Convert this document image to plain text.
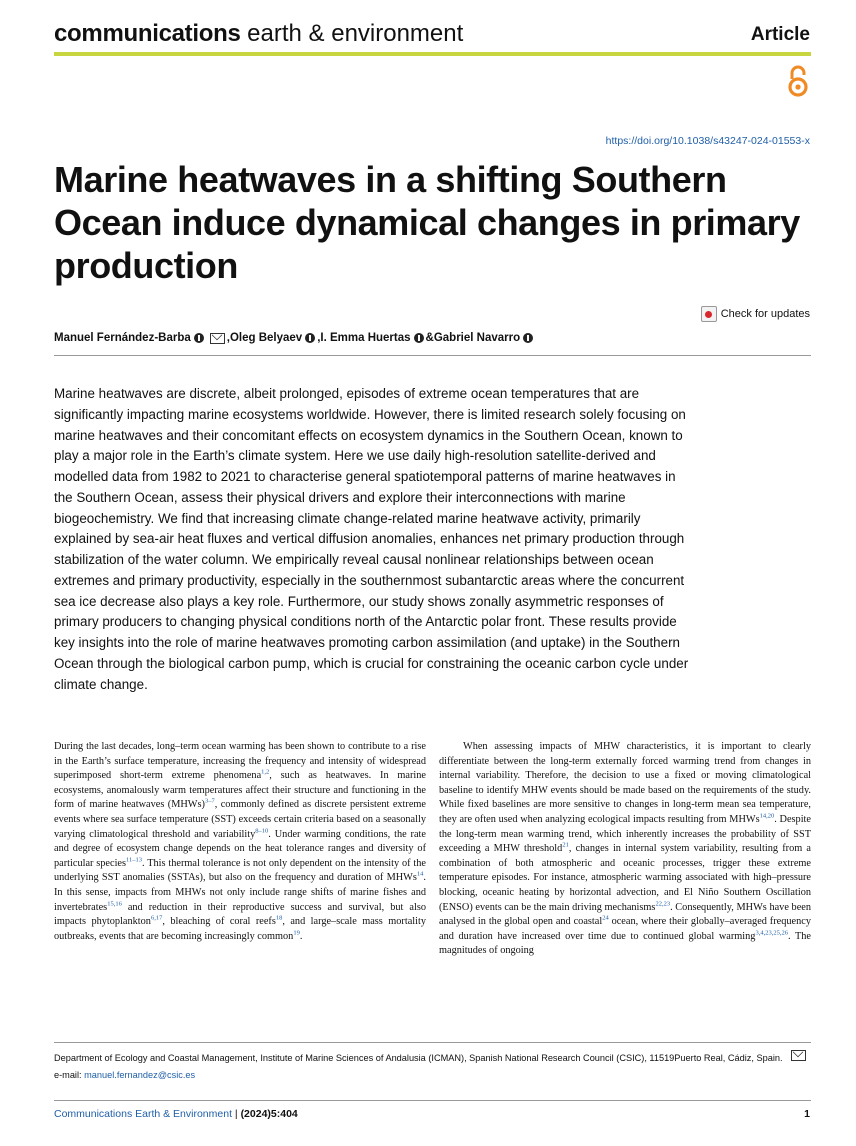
communications earth & environment	Article
https://doi.org/10.1038/s43247-024-01553-x
Marine heatwaves in a shifting Southern Ocean induce dynamical changes in primary production
Check for updates
Manuel Fernández-Barba	, Oleg Belyaev , I. Emma Huertas & Gabriel Navarro
Marine heatwaves are discrete, albeit prolonged, episodes of extreme ocean temperatures that are significantly impacting marine ecosystems worldwide. However, there is limited research solely focusing on marine heatwaves and their concomitant effects on ecosystem dynamics in the Southern Ocean, known to play a major role in the Earth’s climate system. Here we use daily high-resolution satellite-derived and modelled data from 1982 to 2021 to characterise general spatiotemporal patterns of marine heatwaves in the Southern Ocean, assess their physical drivers and explore their interconnections with marine biogeochemistry. We find that increasing climate change-related marine heatwave activity, primarily explained by sea-air heat fluxes and vertical diffusion anomalies, enhances net primary production through stabilization of the water column. We empirically reveal causal nonlinear relationships between ocean extremes and primary productivity, especially in the southernmost subantarctic areas where the concurrent sea ice decrease also plays a key role. Furthermore, our study shows zonally asymmetric responses of primary producers to changing physical conditions north of the Antarctic polar front. These results provide key insights into the role of marine heatwaves promoting carbon assimilation (and uptake) in the Southern Ocean through the biological carbon pump, which is crucial for constraining the oceanic carbon cycle under climate change.
During the last decades, long–term ocean warming has been shown to contribute to a rise in the Earth’s surface temperature, increasing the frequency and intensity of widespread superimposed short-term extreme phenomena$^{1,2}$, such as heatwaves. In marine ecosystems, anomalously warm temperatures affect their structure and functioning in the form of marine heatwaves (MHWs)$^{3-7}$, commonly defined as discrete persistent extreme events where sea surface temperature (SST) exceeds certain criteria based on a seasonally varying climatological threshold and variability$^{8-10}$. Under warming conditions, the rate and degree of ecosystem change depends on the heat tolerance ranges and diversity of particular species$^{11-13}$. This thermal tolerance is not only dependent on the intensity of the underlying SST anomalies (SSTAs), but also on the frequency and duration of MHWs$^{14}$. In this sense, impacts from MHWs not only include range shifts of marine fishes and invertebrates$^{15,16}$ and reduction in their reproductive success and survival, but also impacts phytoplankton$^{6,17}$, bleaching of coral reefs$^{18}$, and large–scale mass mortality outbreaks, events that are becoming increasingly common$^{19}$.
When assessing impacts of MHW characteristics, it is important to clearly differentiate between the long-term externally forced warming trend from changes in internal variability. Therefore, the decision to use a fixed or moving climatological baseline to identify MHW events should be made based on the requirements of the study. While fixed baselines are more sensitive to changes in long-term mean sea temperature, they are often used when analyzing ecological impacts resulting from MHWs$^{14,20}$. Despite the long-term mean warming trend, which inherently increases the probability of SST exceeding a MHW threshold$^{21}$, changes in internal system variability, resulting from a combination of both atmospheric and oceanic processes, trigger these extreme temperature episodes. For instance, atmospheric warming associated with high–pressure blocking, oceanic heating by horizontal advection, and El Niño Southern Oscillation (ENSO) events can be the main driving mechanisms$^{22,23}$. Consequently, MHWs have been analysed in the global open and coastal$^{24}$ ocean, where their globally–averaged frequency and duration have increased over time due to continued global warming$^{3,4,23,25,26}$. The magnitudes of ongoing
Department of Ecology and Coastal Management, Institute of Marine Sciences of Andalusia (ICMAN), Spanish National Research Council (CSIC), 11519Puerto Real, Cádiz, Spain. e-mail: manuel.fernandez@csic.es
Communications Earth & Environment | (2024)5:404	1
